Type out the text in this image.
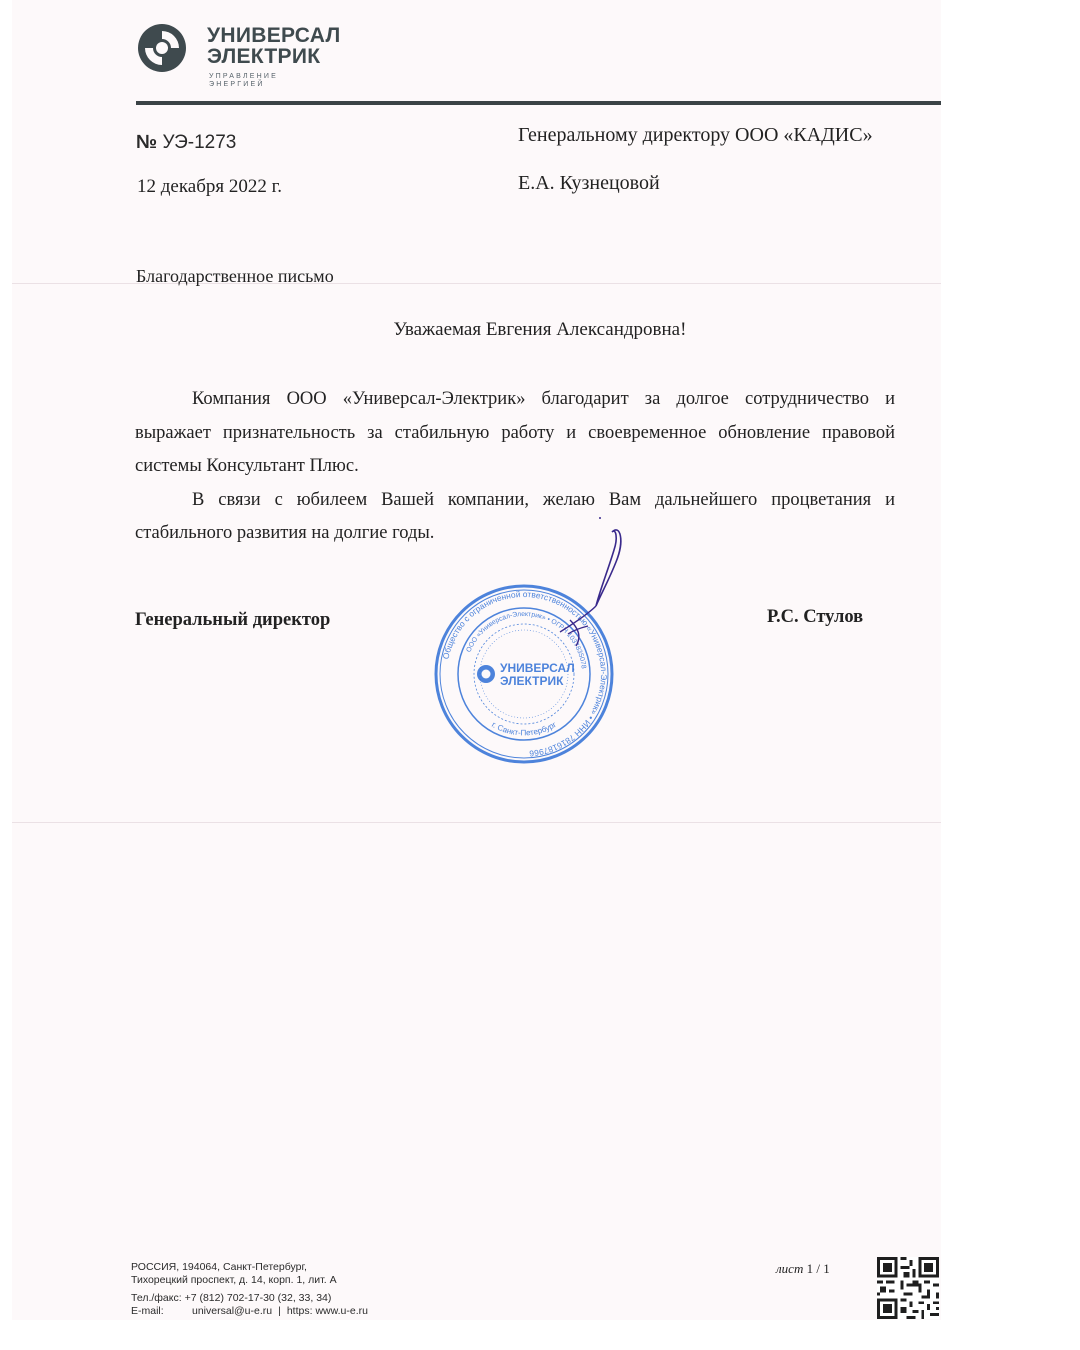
УНИВЕРСАЛ
ЭЛЕКТРИК
УПРАВЛЕНИЕ
ЭНЕРГИЕЙ
№ УЭ-1273
12 декабря 2022 г.
Генеральному директору ООО «КАДИС»
Е.А. Кузнецовой
Благодарственное письмо
Уважаемая Евгения Александровна!

Компания ООО «Универсал-Электрик» благодарит за долгое сотрудничество и выражает признательность за стабильную работу и своевременное обновление правовой системы Консультант Плюс.

В связи с юбилеем Вашей компании, желаю Вам дальнейшего процветания и стабильного развития на долгие годы.

Генеральный директор	Р.С. Стулов
Общество с ограниченной ответственностью «Универсал-Электрик» • ИНН 7816187966
ООО «Универсал-Электрик» • ОГРН 1037835078
г. Санкт-Петербург
УНИВЕРСАЛ
ЭЛЕКТРИК
РОССИЯ, 194064, Санкт-Петербург,
Тихорецкий проспект, д. 14, корп. 1, лит. А
Тел./факс: +7 (812) 702-17-30 (32, 33, 34)
E-mail:	universal@u-e.ru | https: www.u-e.ru
лист 1 / 1
